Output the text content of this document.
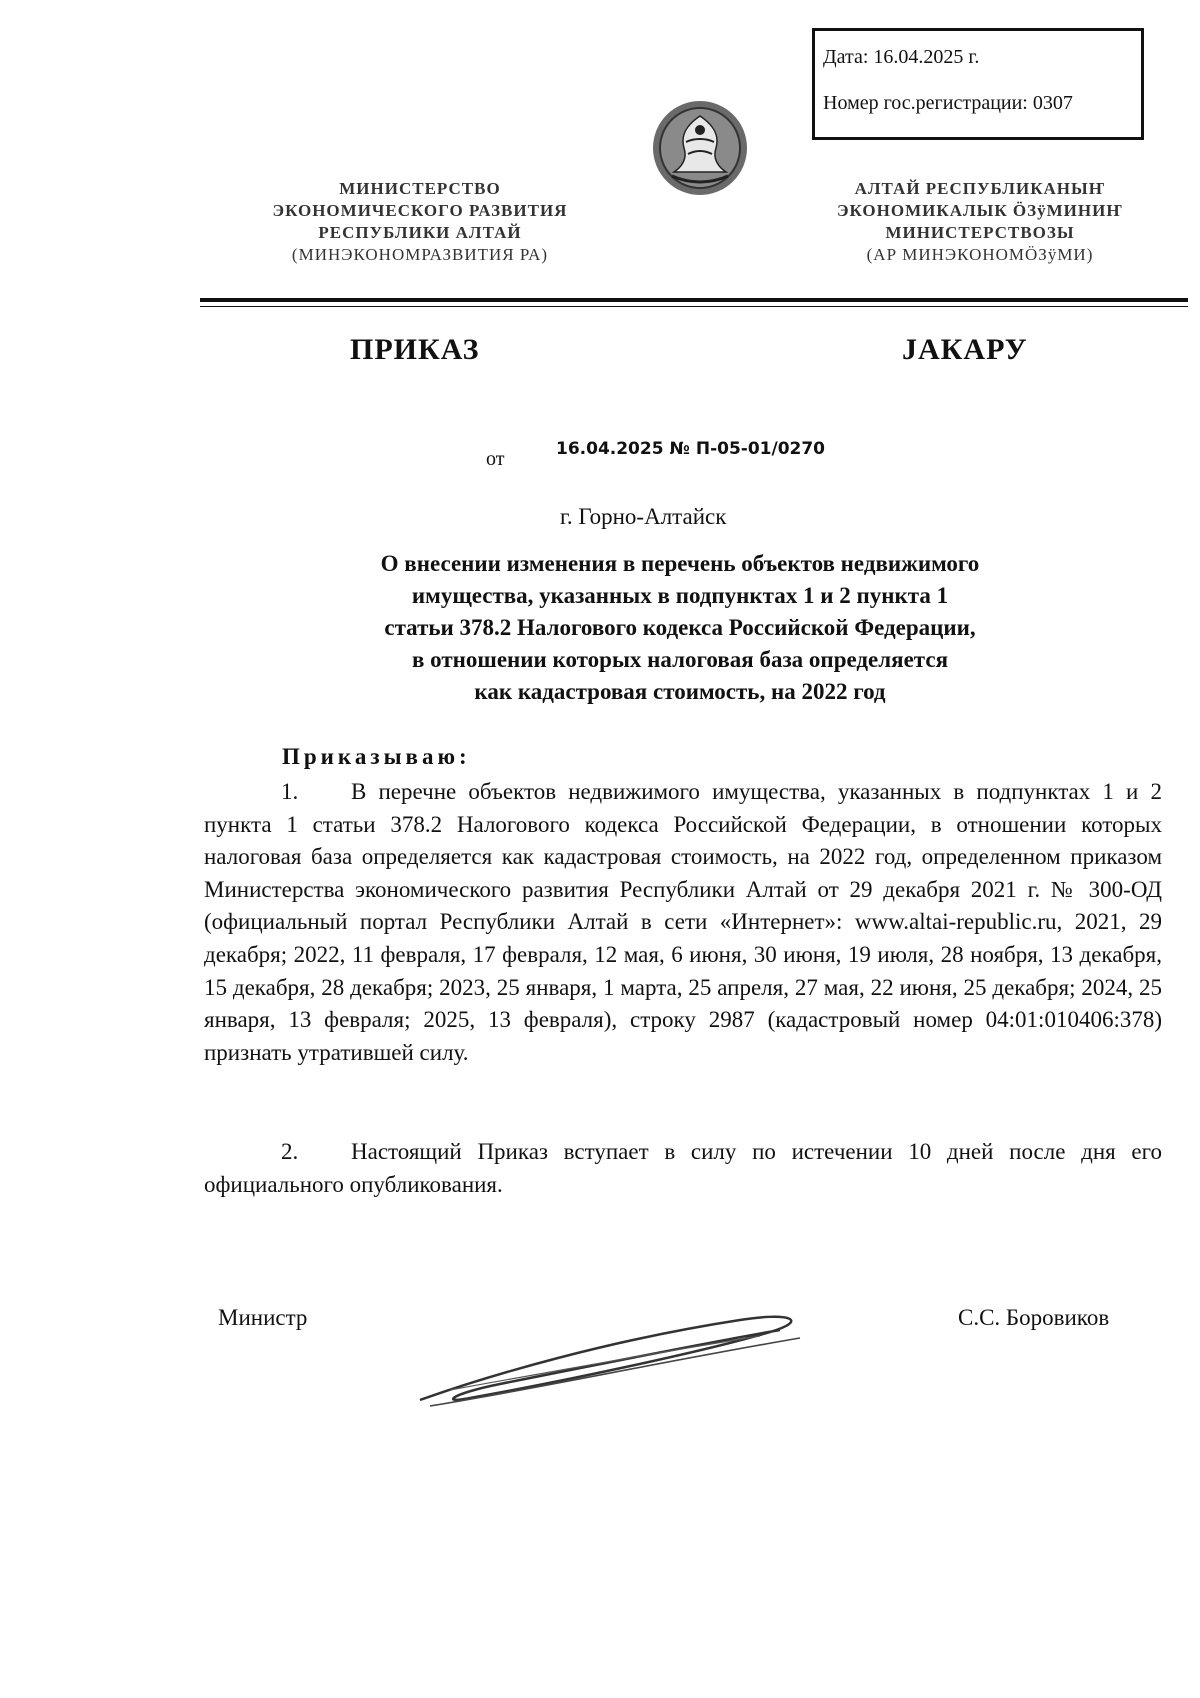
Дата: 16.04.2025 г.
Номер гос.регистрации: 0307
МИНИСТЕРСТВО
ЭКОНОМИЧЕСКОГО РАЗВИТИЯ
РЕСПУБЛИКИ АЛТАЙ
(МИНЭКОНОМРАЗВИТИЯ РА)
АЛТАЙ РЕСПУБЛИКАНЫҤ
ЭКОНОМИКАЛЫК ÖЗÿМИНИҤ
МИНИСТЕРСТВОЗЫ
(АР МИНЭКОНОМÖЗÿМИ)
ПРИКАЗ	ЈАКАРУ
от	16.04.2025 № П-05-01/0270
г. Горно-Алтайск
О внесении изменения в перечень объектов недвижимого
имущества, указанных в подпунктах 1 и 2 пункта 1
статьи 378.2 Налогового кодекса Российской Федерации,
в отношении которых налоговая база определяется
как кадастровая стоимость, на 2022 год
Приказываю:
1. В перечне объектов недвижимого имущества, указанных в подпунктах 1 и 2 пункта 1 статьи 378.2 Налогового кодекса Российской Федерации, в отношении которых налоговая база определяется как кадастровая стоимость, на 2022 год, определенном приказом Министерства экономического развития Республики Алтай от 29 декабря 2021 г. № 300-ОД (официальный портал Республики Алтай в сети «Интернет»: www.altai-republic.ru, 2021, 29 декабря; 2022, 11 февраля, 17 февраля, 12 мая, 6 июня, 30 июня, 19 июля, 28 ноября, 13 декабря, 15 декабря, 28 декабря; 2023, 25 января, 1 марта, 25 апреля, 27 мая, 22 июня, 25 декабря; 2024, 25 января, 13 февраля; 2025, 13 февраля), строку 2987 (кадастровый номер 04:01:010406:378) признать утратившей силу.
2. Настоящий Приказ вступает в силу по истечении 10 дней после дня его официального опубликования.
Министр	С.С. Боровиков
